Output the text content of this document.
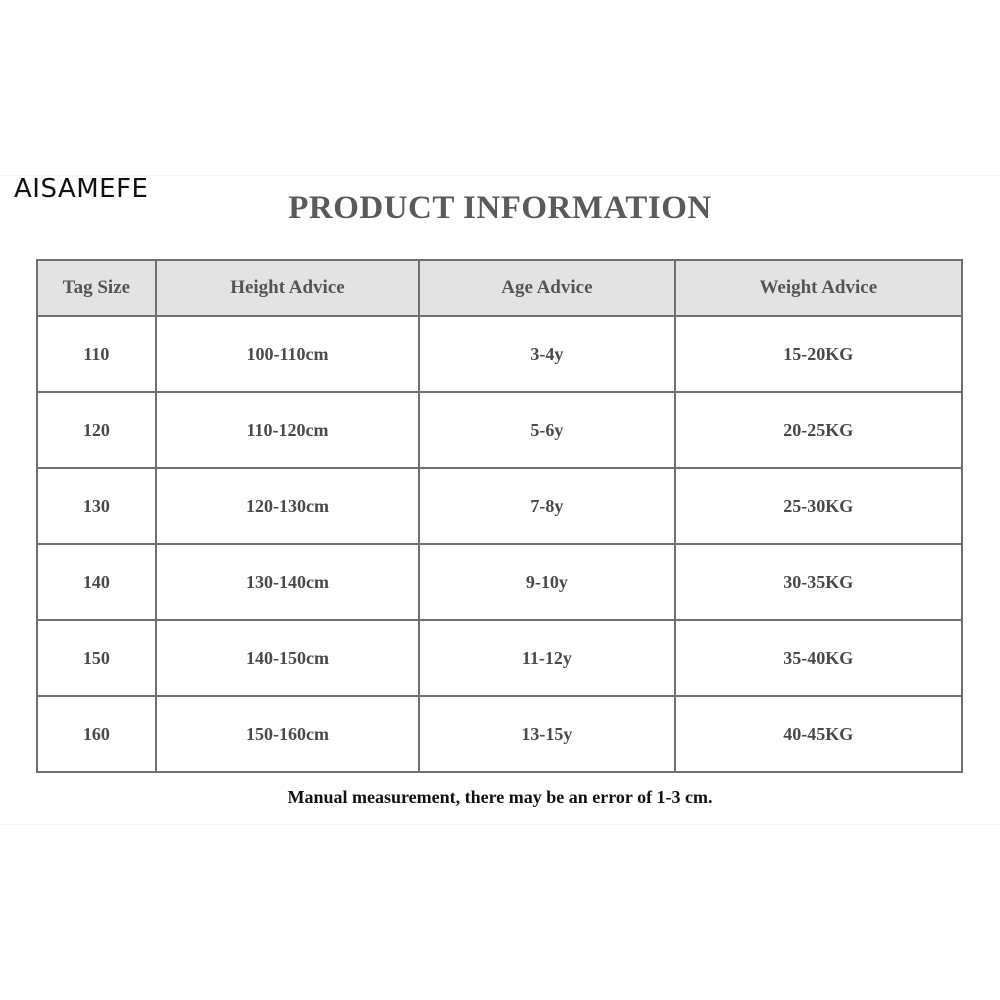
AISAMEFE
PRODUCT INFORMATION
Tag Size	Height Advice	Age Advice	Weight Advice
110	100-110cm	3-4y	15-20KG
120	110-120cm	5-6y	20-25KG
130	120-130cm	7-8y	25-30KG
140	130-140cm	9-10y	30-35KG
150	140-150cm	11-12y	35-40KG
160	150-160cm	13-15y	40-45KG
Manual measurement, there may be an error of 1-3 cm.
